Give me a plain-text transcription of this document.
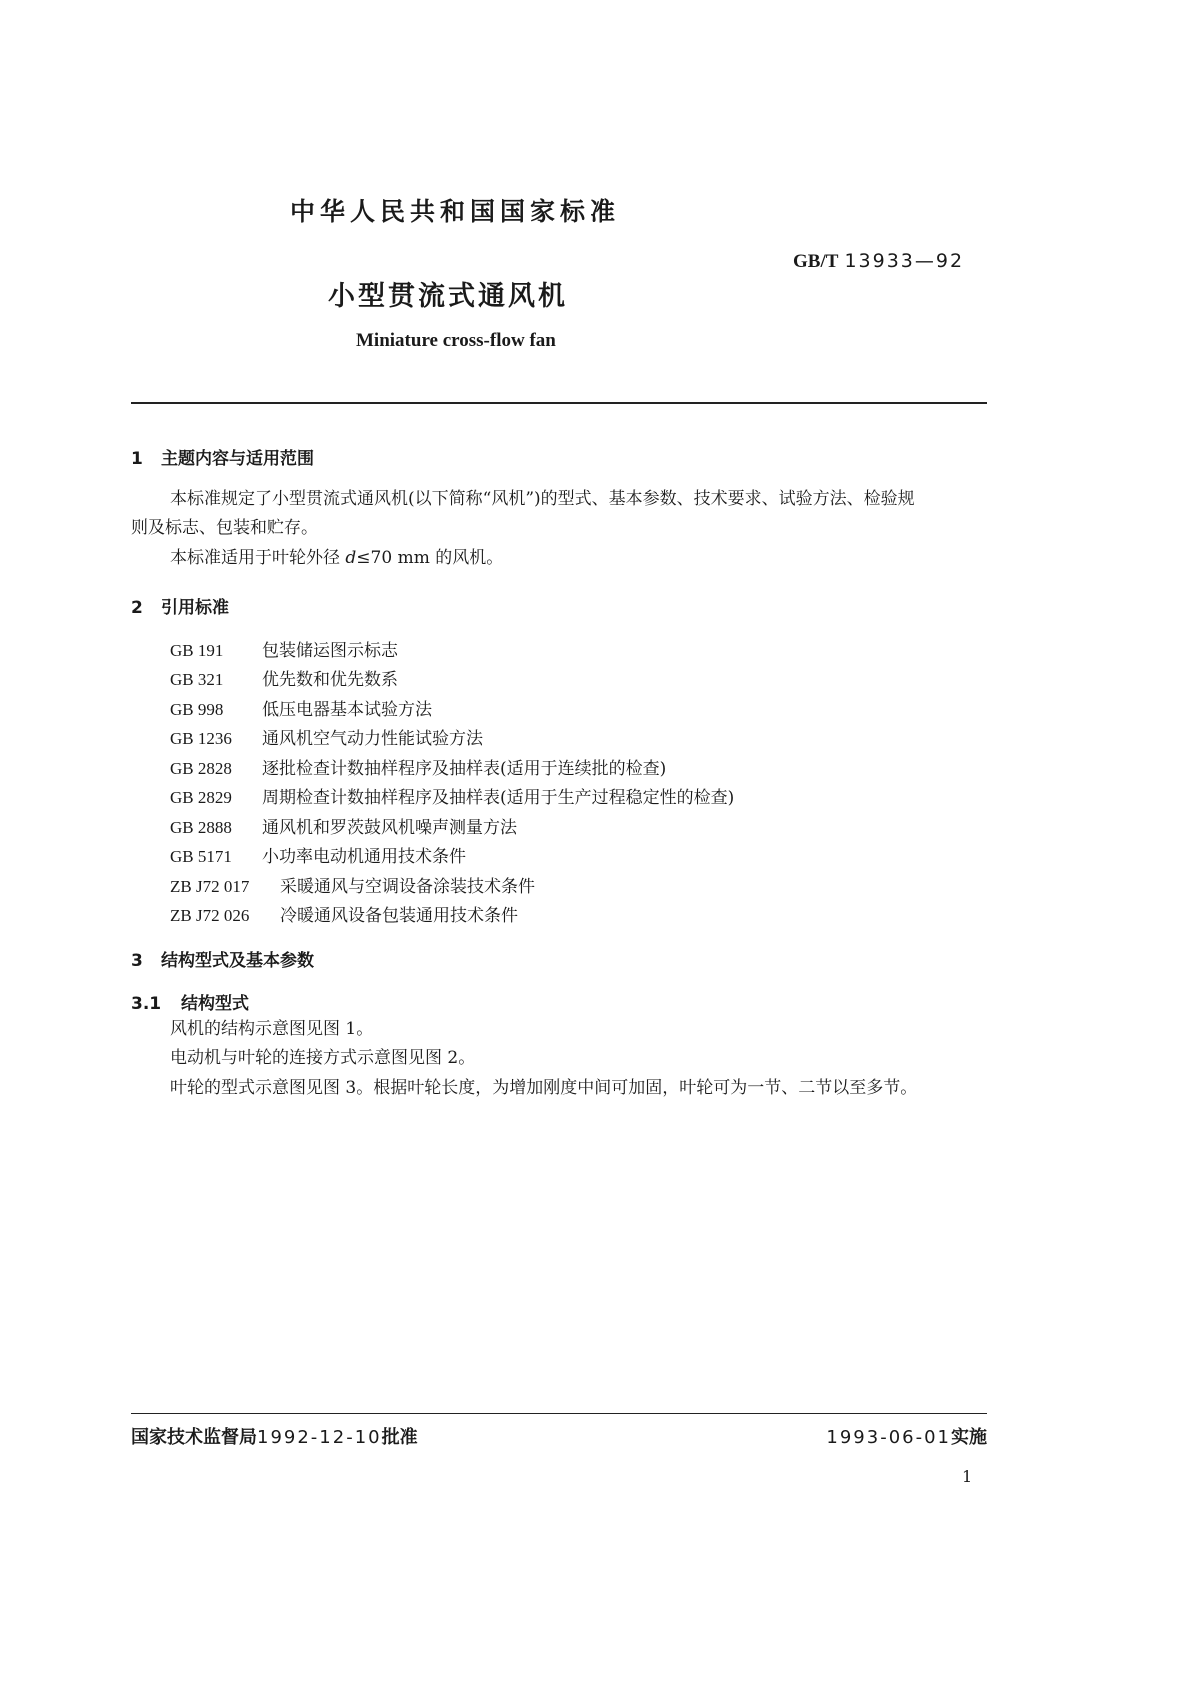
中华人民共和国国家标准
GB/T 13933—92
小型贯流式通风机
Miniature cross-flow fan
1 主题内容与适用范围
本标准规定了小型贯流式通风机(以下简称“风机”)的型式、基本参数、技术要求、试验方法、检验规
则及标志、包装和贮存。
本标准适用于叶轮外径 d≤70 mm 的风机。
2 引用标准
GB 191 包装储运图示标志
GB 321 优先数和优先数系
GB 998 低压电器基本试验方法
GB 1236 通风机空气动力性能试验方法
GB 2828 逐批检查计数抽样程序及抽样表(适用于连续批的检查)
GB 2829 周期检查计数抽样程序及抽样表(适用于生产过程稳定性的检查)
GB 2888 通风机和罗茨鼓风机噪声测量方法
GB 5171 小功率电动机通用技术条件
ZB J72 017 采暖通风与空调设备涂装技术条件
ZB J72 026 冷暖通风设备包装通用技术条件
3 结构型式及基本参数
3.1 结构型式
风机的结构示意图见图 1。
电动机与叶轮的连接方式示意图见图 2。
叶轮的型式示意图见图 3。根据叶轮长度，为增加刚度中间可加固，叶轮可为一节、二节以至多节。
国家技术监督局1992-12-10批准	1993-06-01实施
1
